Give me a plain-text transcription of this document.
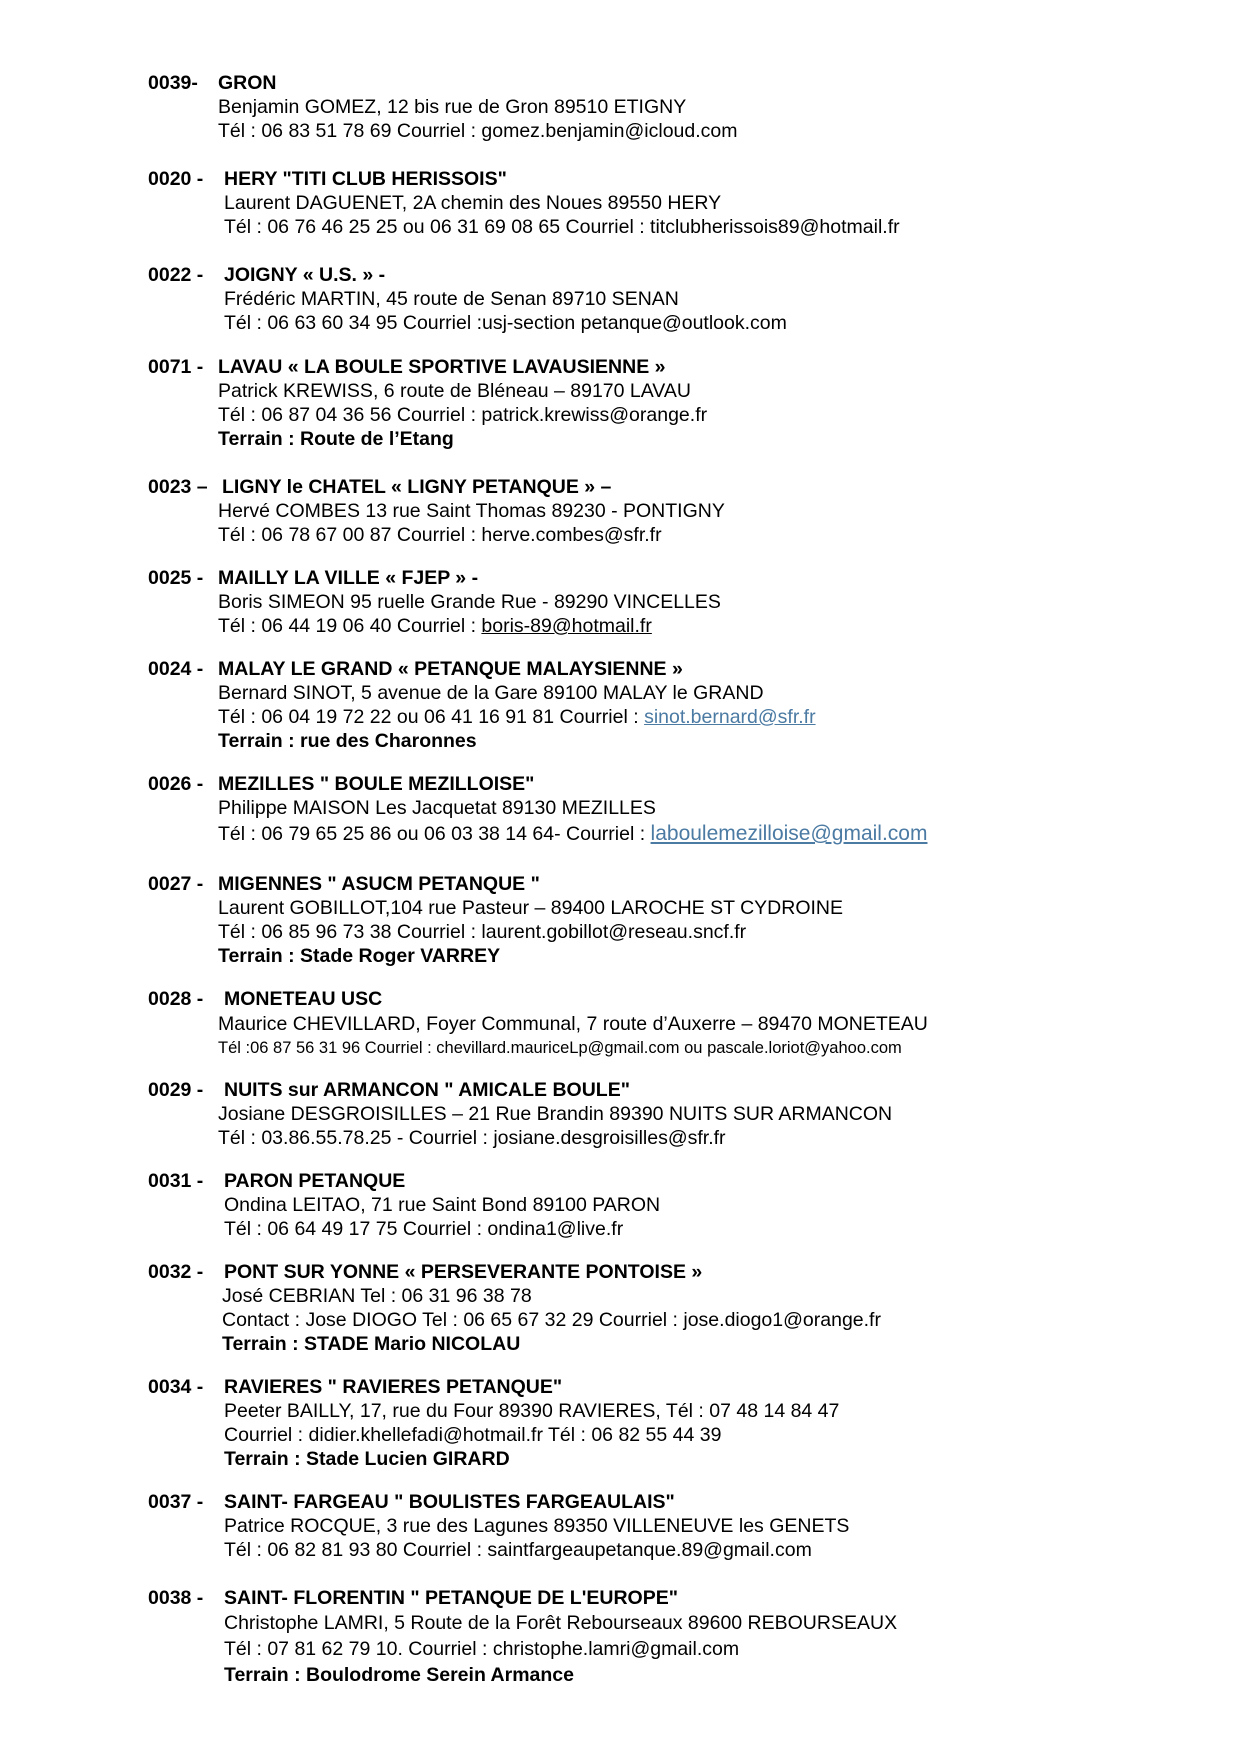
0039- GRON
Benjamin GOMEZ, 12 bis rue de Gron 89510 ETIGNY
Tél : 06 83 51 78 69 Courriel : gomez.benjamin@icloud.com
0020 - HERY "TITI CLUB HERISSOIS"
Laurent DAGUENET, 2A chemin des Noues 89550 HERY
Tél : 06 76 46 25 25 ou 06 31 69 08 65 Courriel : titclubherissois89@hotmail.fr
0022 - JOIGNY « U.S. » -
Frédéric MARTIN, 45 route de Senan 89710 SENAN
Tél : 06 63 60 34 95 Courriel :usj-section petanque@outlook.com
0071 - LAVAU « LA BOULE SPORTIVE LAVAUSIENNE »
Patrick KREWISS, 6 route de Bléneau – 89170 LAVAU
Tél : 06 87 04 36 56 Courriel : patrick.krewiss@orange.fr
Terrain : Route de l’Etang
0023 – LIGNY le CHATEL « LIGNY PETANQUE » –
Hervé COMBES 13 rue Saint Thomas 89230 - PONTIGNY
Tél : 06 78 67 00 87 Courriel : herve.combes@sfr.fr
0025 - MAILLY LA VILLE « FJEP » -
Boris SIMEON 95 ruelle Grande Rue - 89290 VINCELLES
Tél : 06 44 19 06 40 Courriel : boris-89@hotmail.fr
0024 - MALAY LE GRAND « PETANQUE MALAYSIENNE »
Bernard SINOT, 5 avenue de la Gare 89100 MALAY le GRAND
Tél : 06 04 19 72 22 ou 06 41 16 91 81 Courriel : sinot.bernard@sfr.fr
Terrain : rue des Charonnes
0026 - MEZILLES " BOULE MEZILLOISE"
Philippe MAISON Les Jacquetat 89130 MEZILLES
Tél : 06 79 65 25 86 ou 06 03 38 14 64- Courriel : laboulemezilloise@gmail.com
0027 - MIGENNES " ASUCM PETANQUE "
Laurent GOBILLOT,104 rue Pasteur – 89400 LAROCHE ST CYDROINE
Tél : 06 85 96 73 38 Courriel : laurent.gobillot@reseau.sncf.fr
Terrain : Stade Roger VARREY
0028 - MONETEAU USC
Maurice CHEVILLARD, Foyer Communal, 7 route d’Auxerre – 89470 MONETEAU
Tél :06 87 56 31 96 Courriel : chevillard.mauriceLp@gmail.com ou pascale.loriot@yahoo.com
0029 - NUITS sur ARMANCON " AMICALE BOULE"
Josiane DESGROISILLES – 21 Rue Brandin 89390 NUITS SUR ARMANCON
Tél : 03.86.55.78.25 - Courriel : josiane.desgroisilles@sfr.fr
0031 - PARON PETANQUE
Ondina LEITAO, 71 rue Saint Bond 89100 PARON
Tél : 06 64 49 17 75 Courriel : ondina1@live.fr
0032 - PONT SUR YONNE « PERSEVERANTE PONTOISE »
José CEBRIAN Tel : 06 31 96 38 78
Contact : Jose DIOGO Tel : 06 65 67 32 29 Courriel : jose.diogo1@orange.fr
Terrain : STADE Mario NICOLAU
0034 - RAVIERES " RAVIERES PETANQUE"
Peeter BAILLY, 17, rue du Four 89390 RAVIERES, Tél : 07 48 14 84 47
Courriel : didier.khellefadi@hotmail.fr Tél : 06 82 55 44 39
Terrain : Stade Lucien GIRARD
0037 - SAINT- FARGEAU " BOULISTES FARGEAULAIS"
Patrice ROCQUE, 3 rue des Lagunes 89350 VILLENEUVE les GENETS
Tél : 06 82 81 93 80 Courriel : saintfargeaupetanque.89@gmail.com
0038 - SAINT- FLORENTIN " PETANQUE DE L'EUROPE"
Christophe LAMRI, 5 Route de la Forêt Rebourseaux 89600 REBOURSEAUX
Tél : 07 81 62 79 10. Courriel : christophe.lamri@gmail.com
Terrain : Boulodrome Serein Armance
